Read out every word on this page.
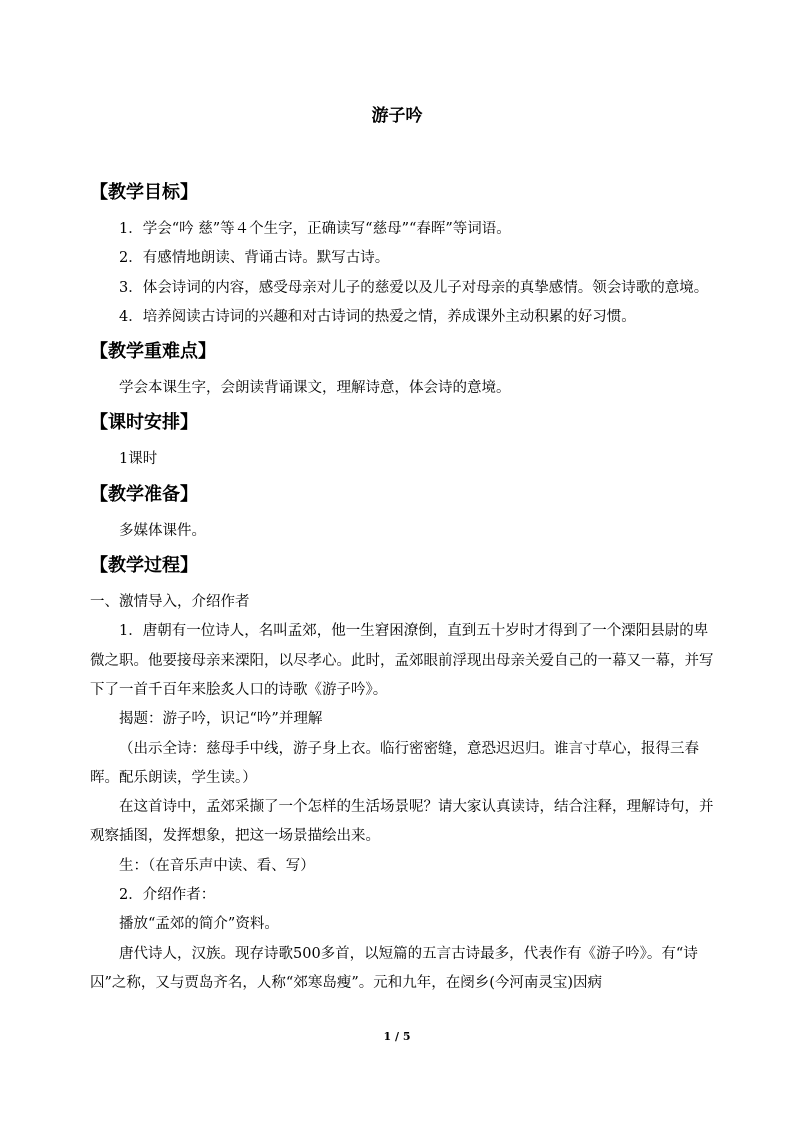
游子吟
【教学目标】

1．学会“吟 慈”等４个生字，正确读写“慈母”“春晖”等词语。

2．有感情地朗读、背诵古诗。默写古诗。

3．体会诗词的内容，感受母亲对儿子的慈爱以及儿子对母亲的真挚感情。领会诗歌的意境。

4．培养阅读古诗词的兴趣和对古诗词的热爱之情，养成课外主动积累的好习惯。

【教学重难点】

学会本课生字，会朗读背诵课文，理解诗意，体会诗的意境。

【课时安排】

1课时

【教学准备】

多媒体课件。

【教学过程】

一、激情导入，介绍作者

1．唐朝有一位诗人，名叫孟郊，他一生窘困潦倒，直到五十岁时才得到了一个溧阳县尉的卑微之职。他要接母亲来溧阳，以尽孝心。此时，孟郊眼前浮现出母亲关爱自己的一幕又一幕，并写下了一首千百年来脍炙人口的诗歌《游子吟》。

揭题：游子吟，识记“吟”并理解

（出示全诗：慈母手中线，游子身上衣。临行密密缝，意恐迟迟归。谁言寸草心，报得三春晖。配乐朗读，学生读。）

在这首诗中，孟郊采撷了一个怎样的生活场景呢？请大家认真读诗，结合注释，理解诗句，并观察插图，发挥想象，把这一场景描绘出来。

生：（在音乐声中读、看、写）

2．介绍作者：

播放“孟郊的简介”资料。

唐代诗人，汉族。现存诗歌500多首，以短篇的五言古诗最多，代表作有《游子吟》。有“诗囚”之称，又与贾岛齐名，人称“郊寒岛瘦”。元和九年，在阌乡(今河南灵宝)因病

1 / 5
